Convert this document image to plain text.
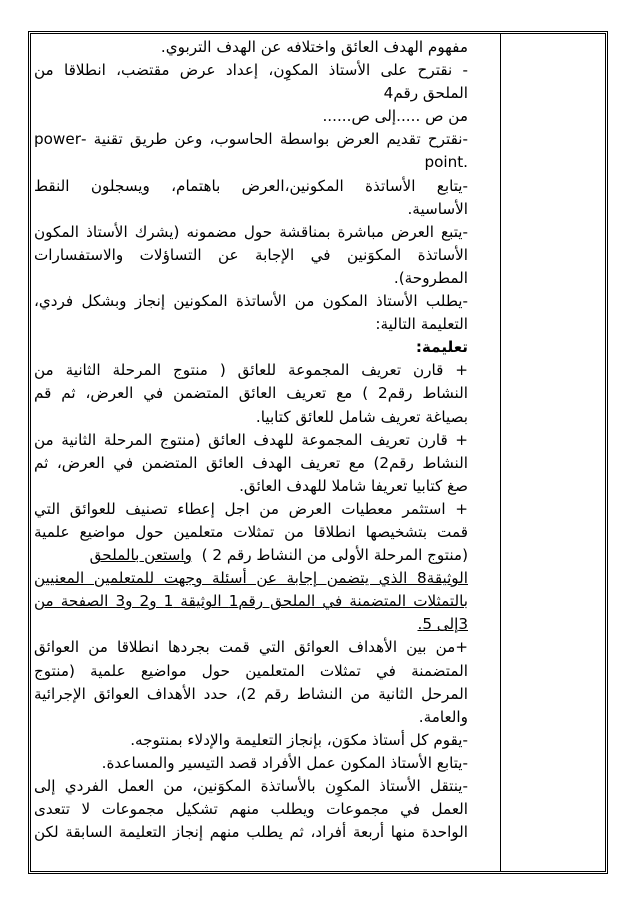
مفهوم الهدف العائق واختلافه عن الهدف التربوي.
- نقترح على الأستاذ المكوِن، إعداد عرض مقتضب، انطلاقا من
الملحق رقم4
من ص .....إلى ص......
-نقترح تقديم العرض بواسطة الحاسوب، وعن طريق تقنية -power
.point
-يتابع الأساتذة المكونين،العرض باهتمام، ويسجلون النقط
الأساسية.
-يتبع العرض مباشرة بمناقشة حول مضمونه (يشرك الأستاذ المكون
الأساتذة المكوَنين في الإجابة عن التساؤلات والاستفسارات
المطروحة).
-يطلب الأستاذ المكون من الأساتذة المكونين إنجاز وبشكل فردي،
التعليمة التالية:
تعليمة:
+ قارن تعريف المجموعة للعائق ( منتوج المرحلة الثانية من
النشاط رقم2 ) مع تعريف العائق المتضمن في العرض، ثم قم
بصياغة تعريف شامل للعائق كتابيا.
+ قارن تعريف المجموعة للهدف العائق (منتوج المرحلة الثانية من
النشاط رقم2) مع تعريف الهدف العائق المتضمن في العرض، ثم
صغ كتابيا تعريفا شاملا للهدف العائق.
+ استثمر معطيات العرض من اجل إعطاء تصنيف للعوائق التي
قمت بتشخيصها انطلاقا من تمثلات متعلمين حول مواضيع علمية
(منتوج المرحلة الأولى من النشاط رقم 2 )  واستعن بالملحق
الوثيقة8 الذي يتضمن إجابة عن أسئلة وجهت للمتعلمين المعنيين
بالتمثلات المتضمنة في الملحق رقم1 الوثيقة 1 و2 و3 الصفحة من
3إلى 5.
+من بين الأهداف العوائق التي قمت بجردها انطلاقا من العوائق
المتضمنة في تمثلات المتعلمين حول مواضيع علمية (منتوج
المرحل الثانية من النشاط رقم 2)، حدد الأهداف العوائق الإجرائية
والعامة.
-يقوم كل أستاذ مكوَن، بإنجاز التعليمة والإدلاء بمنتوجه.
-يتابع الأستاذ المكون عمل الأفراد قصد التيسير والمساعدة.
-ينتقل الأستاذ المكوِن بالأساتذة المكوَنين، من العمل الفردي إلى
العمل في مجموعات ويطلب منهم تشكيل مجموعات لا تتعدى
الواحدة منها أربعة أفراد، ثم يطلب منهم إنجاز التعليمة السابقة لكن
